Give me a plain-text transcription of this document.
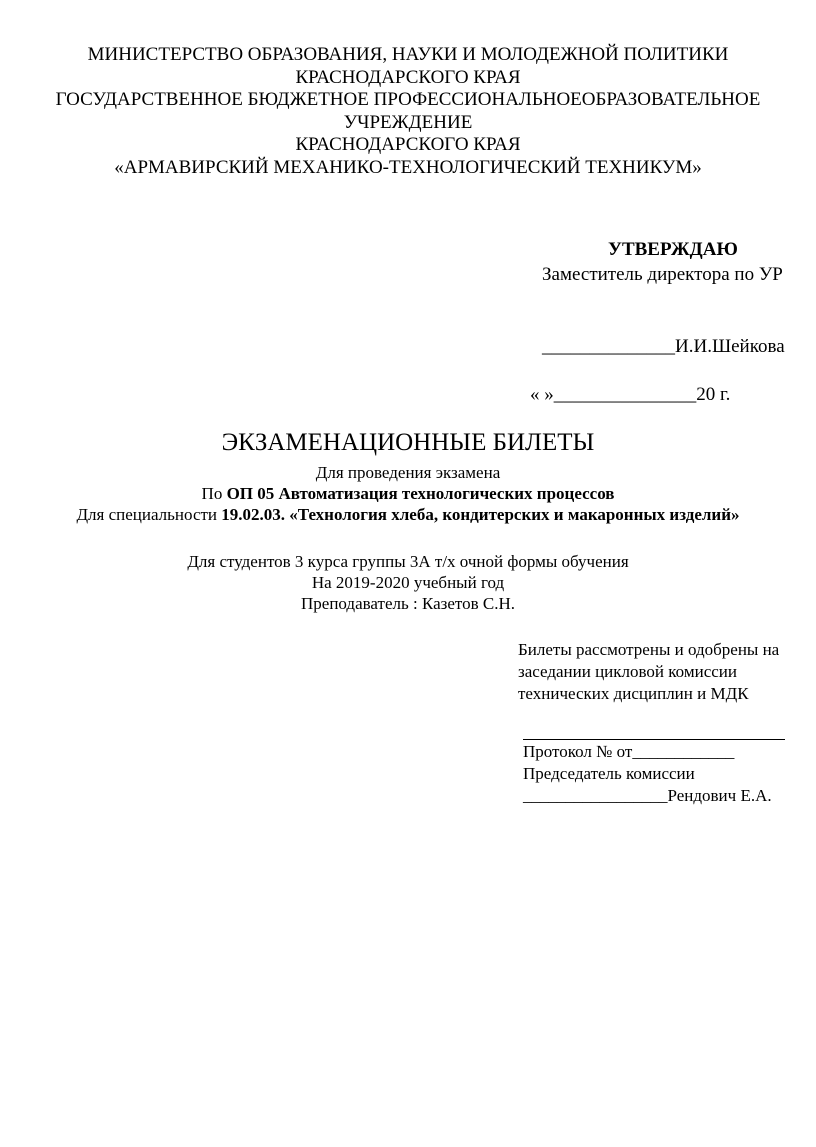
МИНИСТЕРСТВО ОБРАЗОВАНИЯ, НАУКИ И МОЛОДЕЖНОЙ ПОЛИТИКИ
КРАСНОДАРСКОГО КРАЯ
ГОСУДАРСТВЕННОЕ БЮДЖЕТНОЕ ПРОФЕССИОНАЛЬНОЕОБРАЗОВАТЕЛЬНОЕ
УЧРЕЖДЕНИЕ
КРАСНОДАРСКОГО КРАЯ
«АРМАВИРСКИЙ МЕХАНИКО-ТЕХНОЛОГИЧЕСКИЙ ТЕХНИКУМ»
УТВЕРЖДАЮ
Заместитель директора по УР
______________И.И.Шейкова
« »_______________20 г.
ЭКЗАМЕНАЦИОННЫЕ БИЛЕТЫ
Для проведения экзамена
По ОП 05 Автоматизация технологических процессов
Для специальности 19.02.03. «Технология хлеба, кондитерских и макаронных изделий»
Для студентов 3 курса группы 3А т/х очной формы обучения
На 2019-2020 учебный год
Преподаватель : Казетов С.Н.
Билеты рассмотрены и одобрены на
заседании цикловой комиссии
технических дисциплин и МДК
Протокол № от____________
Председатель комиссии
_________________Рендович Е.А.
